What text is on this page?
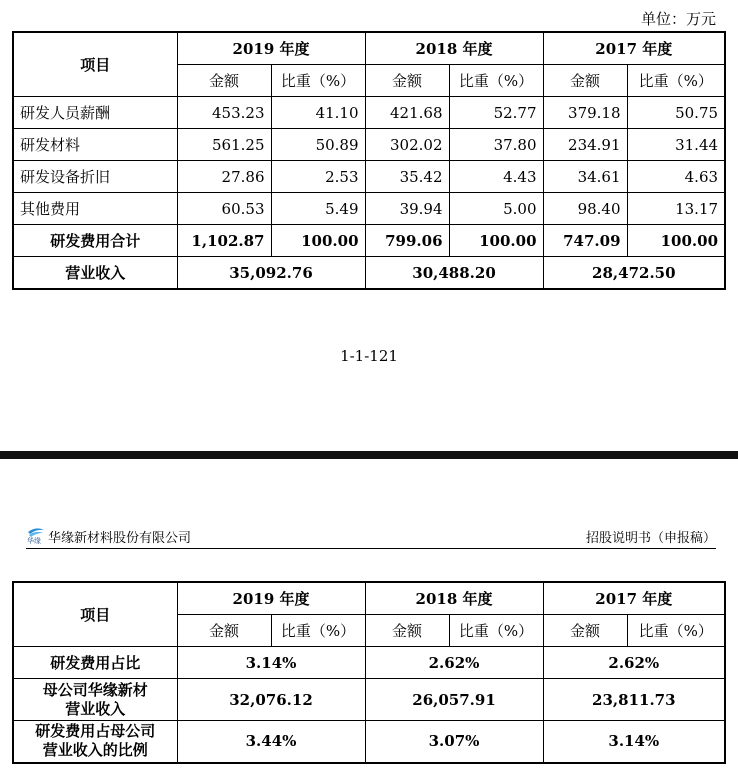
单位：万元
项目	2019 年度		2018 年度		2017 年度	
	金额	比重（%）	金额	比重（%）	金额	比重（%）
研发人员薪酬	453.23	41.10	421.68	52.77	379.18	50.75
研发材料	561.25	50.89	302.02	37.80	234.91	31.44
研发设备折旧	27.86	2.53	35.42	4.43	34.61	4.63
其他费用	60.53	5.49	39.94	5.00	98.40	13.17
研发费用合计	1,102.87	100.00	799.06	100.00	747.09	100.00
营业收入	35,092.76		30,488.20		28,472.50	
1-1-121
华缘 华缘新材料股份有限公司	招股说明书（申报稿）
项目	2019 年度		2018 年度		2017 年度	
	金额	比重（%）	金额	比重（%）	金额	比重（%）
研发费用占比	3.14%		2.62%		2.62%	

母公司华缘新材
营业收入	32,076.12		26,057.91		23,811.73	

研发费用占母公司
营业收入的比例	3.44%		3.07%		3.14%	
